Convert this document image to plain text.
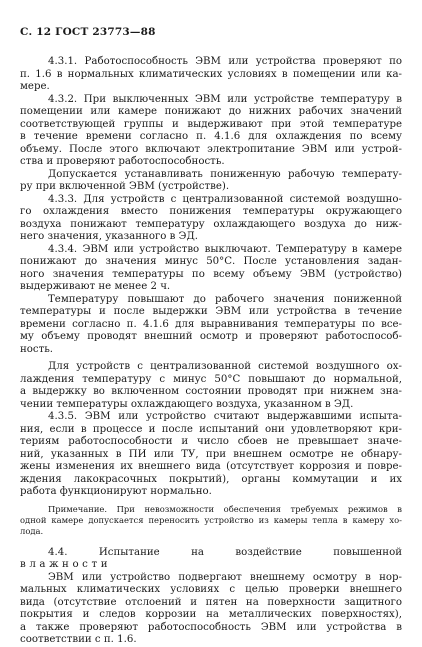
С. 12 ГОСТ 23773—88
4.3.1. Работоспособность ЭВМ или устройства проверяют по
п. 1.6 в нормальных климатических условиях в помещении или ка-
мере.
4.3.2. При выключенных ЭВМ или устройстве температуру в
помещении или камере понижают до нижних рабочих значений
соответствующей группы и выдерживают при этой температуре
в течение времени согласно п. 4.1.6 для охлаждения по всему
объему. После этого включают электропитание ЭВМ или устрой-
ства и проверяют работоспособность.
Допускается устанавливать пониженную рабочую температу-
ру при включенной ЭВМ (устройстве).
4.3.3. Для устройств с централизованной системой воздушно-
го охлаждения вместо понижения температуры окружающего
воздуха понижают температуру охлаждающего воздуха до ниж-
него значения, указанного в ЭД.
4.3.4. ЭВМ или устройство выключают. Температуру в камере
понижают до значения минус 50°С. После установления задан-
ного значения температуры по всему объему ЭВМ (устройство)
выдерживают не менее 2 ч.
Температуру повышают до рабочего значения пониженной
температуры и после выдержки ЭВМ или устройства в течение
времени согласно п. 4.1.6 для выравнивания температуры по все-
му объему проводят внешний осмотр и проверяют работоспособ-
ность.
Для устройств с централизованной системой воздушного ох-
лаждения температуру с минус 50°С повышают до нормальной,
а выдержку во включенном состоянии проводят при нижнем зна-
чении температуры охлаждающего воздуха, указанном в ЭД.
4.3.5. ЭВМ или устройство считают выдержавшими испыта-
ния, если в процессе и после испытаний они удовлетворяют кри-
териям работоспособности и число сбоев не превышает значе-
ний, указанных в ПИ или ТУ, при внешнем осмотре не обнару-
жены изменения их внешнего вида (отсутствует коррозия и повре-
ждения лакокрасочных покрытий), органы коммутации и их
работа функционируют нормально.
Примечание. При невозможности обеспечения требуемых режимов в
одной камере допускается переносить устройство из камеры тепла в камеру хо-
лода.
4.4. Испытание на воздействие повышенной
влажности
ЭВМ или устройство подвергают внешнему осмотру в нор-
мальных климатических условиях с целью проверки внешнего
вида (отсутствие отслоений и пятен на поверхности защитного
покрытия и следов коррозии на металлических поверхностях),
а также проверяют работоспособность ЭВМ или устройства в
соответствии с п. 1.6.
